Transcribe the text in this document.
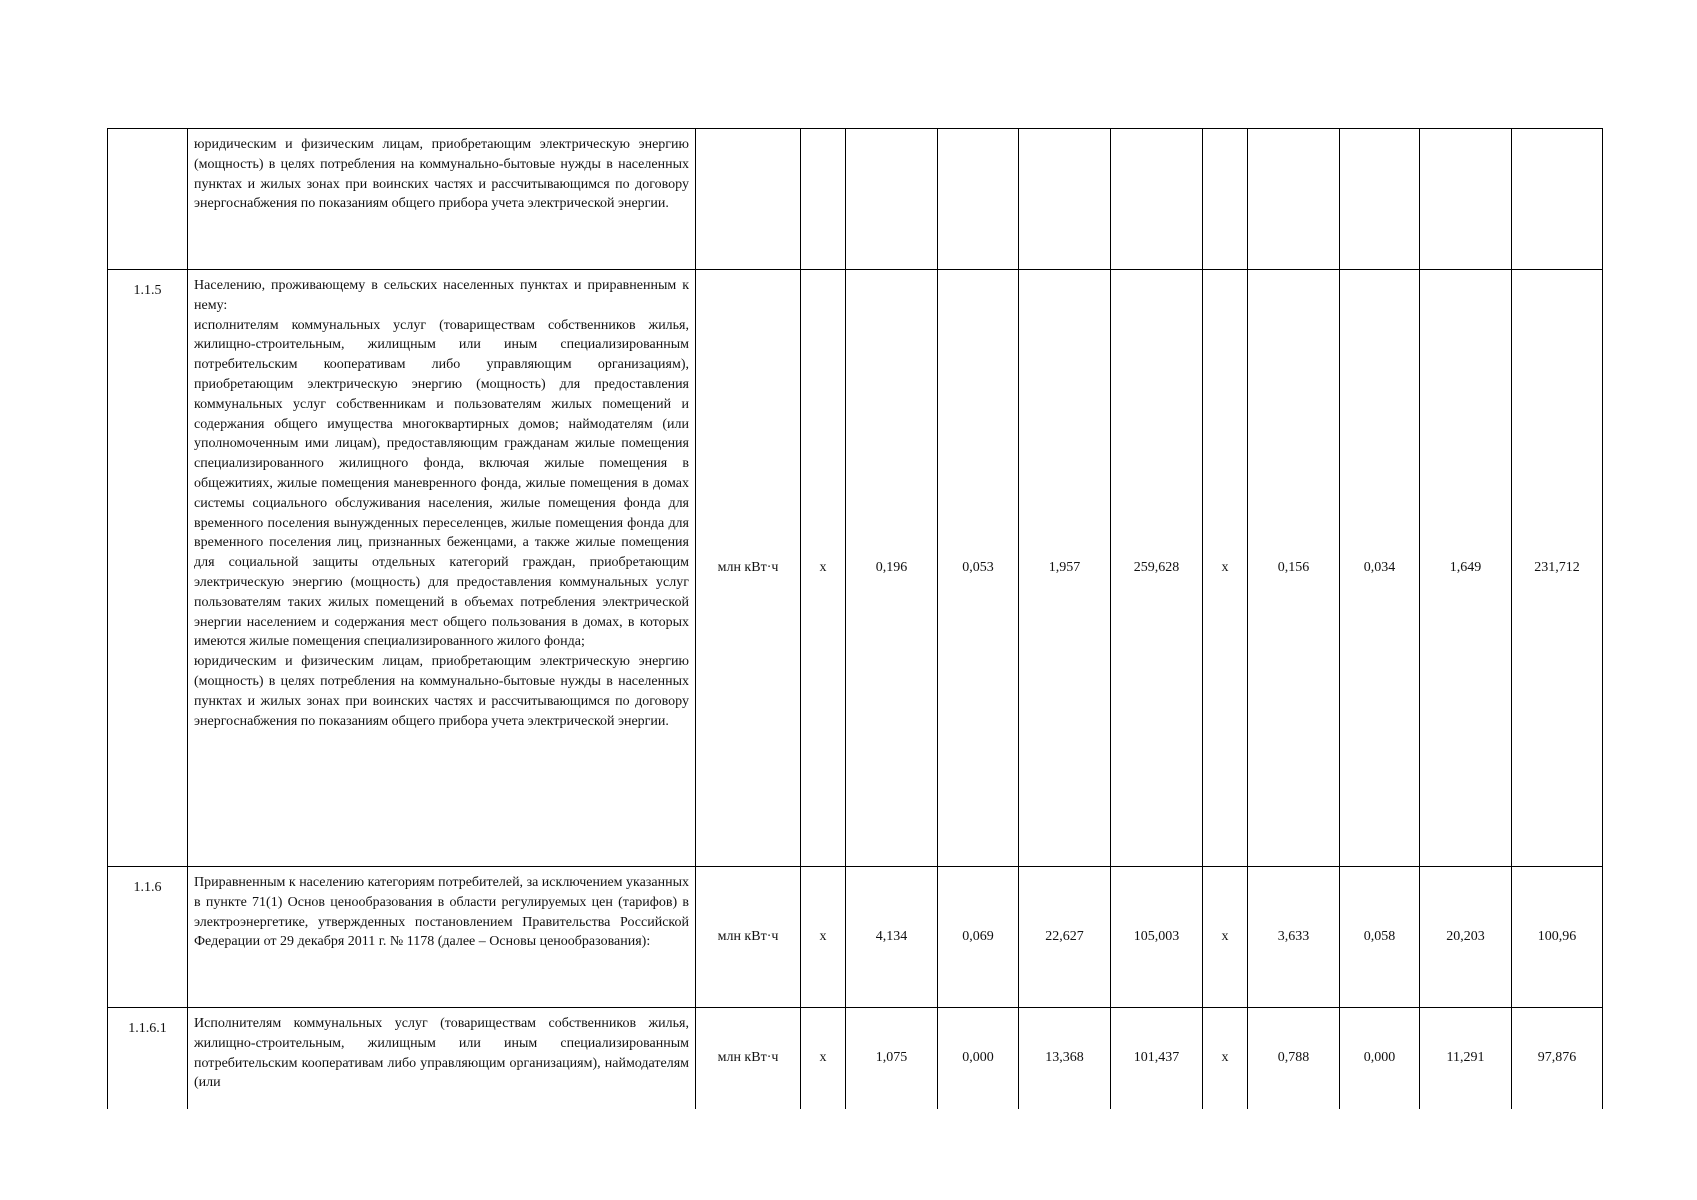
	юридическим и физическим лицам, приобретающим электрическую энергию (мощность) в целях потребления на коммунально-бытовые нужды в населенных пунктах и жилых зонах при воинских частях и рассчитывающимся по договору энергоснабжения по показаниям общего прибора учета электрической энергии.											

1.1.5	Населению, проживающему в сельских населенных пунктах и приравненным к нему:

исполнителям коммунальных услуг (товариществам собственников жилья, жилищно-строительным, жилищным или иным специализированным потребительским кооперативам либо управляющим организациям), приобретающим электрическую энергию (мощность) для предоставления коммунальных услуг собственникам и пользователям жилых помещений и содержания общего имущества многоквартирных домов; наймодателям (или уполномоченным ими лицам), предоставляющим гражданам жилые помещения специализированного жилищного фонда, включая жилые помещения в общежитиях, жилые помещения маневренного фонда, жилые помещения в домах системы социального обслуживания населения, жилые помещения фонда для временного поселения вынужденных переселенцев, жилые помещения фонда для временного поселения лиц, признанных беженцами, а также жилые помещения для социальной защиты отдельных категорий граждан, приобретающим электрическую энергию (мощность) для предоставления коммунальных услуг пользователям таких жилых помещений в объемах потребления электрической энергии населением и содержания мест общего пользования в домах, в которых имеются жилые помещения специализированного жилого фонда;

юридическим и физическим лицам, приобретающим электрическую энергию (мощность) в целях потребления на коммунально-бытовые нужды в населенных пунктах и жилых зонах при воинских частях и рассчитывающимся по договору энергоснабжения по показаниям общего прибора учета электрической энергии.	млн кВт·ч	x	0,196	0,053	1,957	259,628	x	0,156	0,034	1,649	231,712
1.1.6	Приравненным к населению категориям потребителей, за исключением указанных в пункте 71(1) Основ ценообразования в области регулируемых цен (тарифов) в электроэнергетике, утвержденных постановлением Правительства Российской Федерации от 29 декабря 2011 г. № 1178 (далее – Основы ценообразования):	млн кВт·ч	x	4,134	0,069	22,627	105,003	x	3,633	0,058	20,203	100,96
1.1.6.1	Исполнителям коммунальных услуг (товариществам собственников жилья, жилищно-строительным, жилищным или иным специализированным потребительским кооперативам либо управляющим организациям), наймодателям (или	млн кВт·ч	x	1,075	0,000	13,368	101,437	x	0,788	0,000	11,291	97,876
